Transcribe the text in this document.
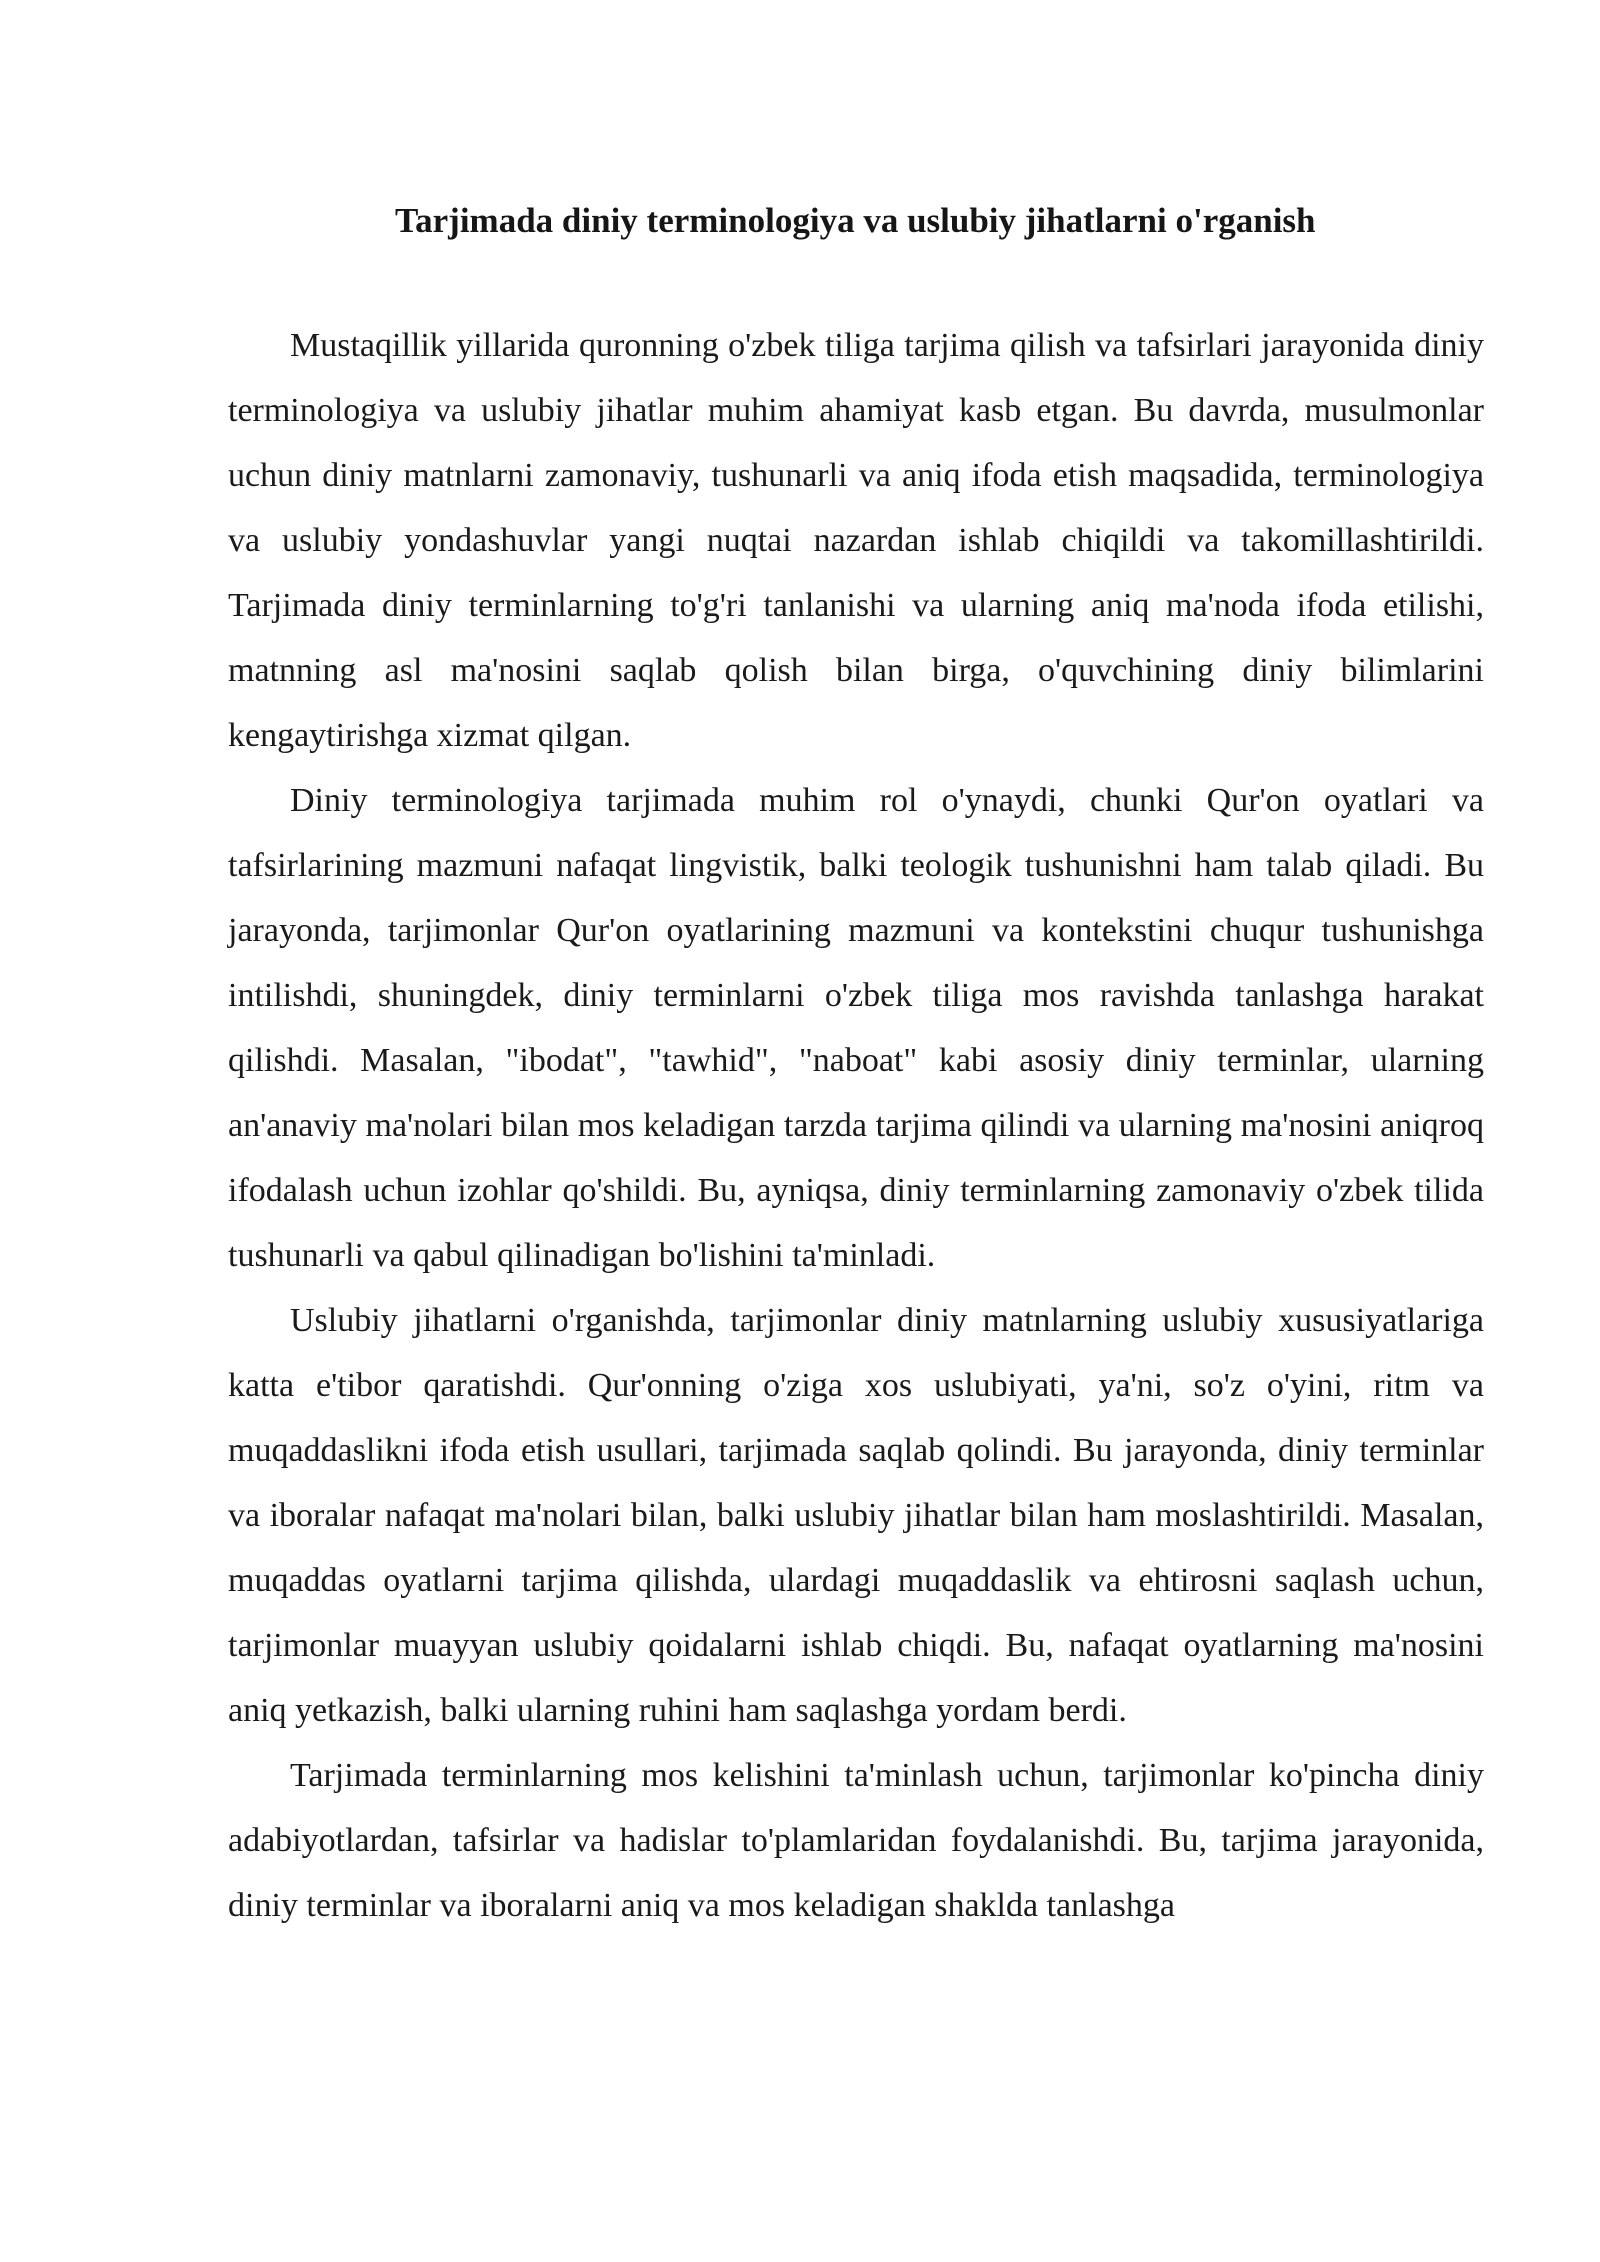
Tarjimada diniy terminologiya va uslubiy jihatlarni o'rganish

Mustaqillik yillarida quronning o'zbek tiliga tarjima qilish va tafsirlari jarayonida diniy terminologiya va uslubiy jihatlar muhim ahamiyat kasb etgan. Bu davrda, musulmonlar uchun diniy matnlarni zamonaviy, tushunarli va aniq ifoda etish maqsadida, terminologiya va uslubiy yondashuvlar yangi nuqtai nazardan ishlab chiqildi va takomillashtirildi. Tarjimada diniy terminlarning to'g'ri tanlanishi va ularning aniq ma'noda ifoda etilishi, matnning asl ma'nosini saqlab qolish bilan birga, o'quvchining diniy bilimlarini kengaytirishga xizmat qilgan.

Diniy terminologiya tarjimada muhim rol o'ynaydi, chunki Qur'on oyatlari va tafsirlarining mazmuni nafaqat lingvistik, balki teologik tushunishni ham talab qiladi. Bu jarayonda, tarjimonlar Qur'on oyatlarining mazmuni va kontekstini chuqur tushunishga intilishdi, shuningdek, diniy terminlarni o'zbek tiliga mos ravishda tanlashga harakat qilishdi. Masalan, "ibodat", "tawhid", "naboat" kabi asosiy diniy terminlar, ularning an'anaviy ma'nolari bilan mos keladigan tarzda tarjima qilindi va ularning ma'nosini aniqroq ifodalash uchun izohlar qo'shildi. Bu, ayniqsa, diniy terminlarning zamonaviy o'zbek tilida tushunarli va qabul qilinadigan bo'lishini ta'minladi.

Uslubiy jihatlarni o'rganishda, tarjimonlar diniy matnlarning uslubiy xususiyatlariga katta e'tibor qaratishdi. Qur'onning o'ziga xos uslubiyati, ya'ni, so'z o'yini, ritm va muqaddaslikni ifoda etish usullari, tarjimada saqlab qolindi. Bu jarayonda, diniy terminlar va iboralar nafaqat ma'nolari bilan, balki uslubiy jihatlar bilan ham moslashtirildi. Masalan, muqaddas oyatlarni tarjima qilishda, ulardagi muqaddaslik va ehtirosni saqlash uchun, tarjimonlar muayyan uslubiy qoidalarni ishlab chiqdi. Bu, nafaqat oyatlarning ma'nosini aniq yetkazish, balki ularning ruhini ham saqlashga yordam berdi.

Tarjimada terminlarning mos kelishini ta'minlash uchun, tarjimonlar ko'pincha diniy adabiyotlardan, tafsirlar va hadislar to'plamlaridan foydalanishdi. Bu, tarjima jarayonida, diniy terminlar va iboralarni aniq va mos keladigan shaklda tanlashga
